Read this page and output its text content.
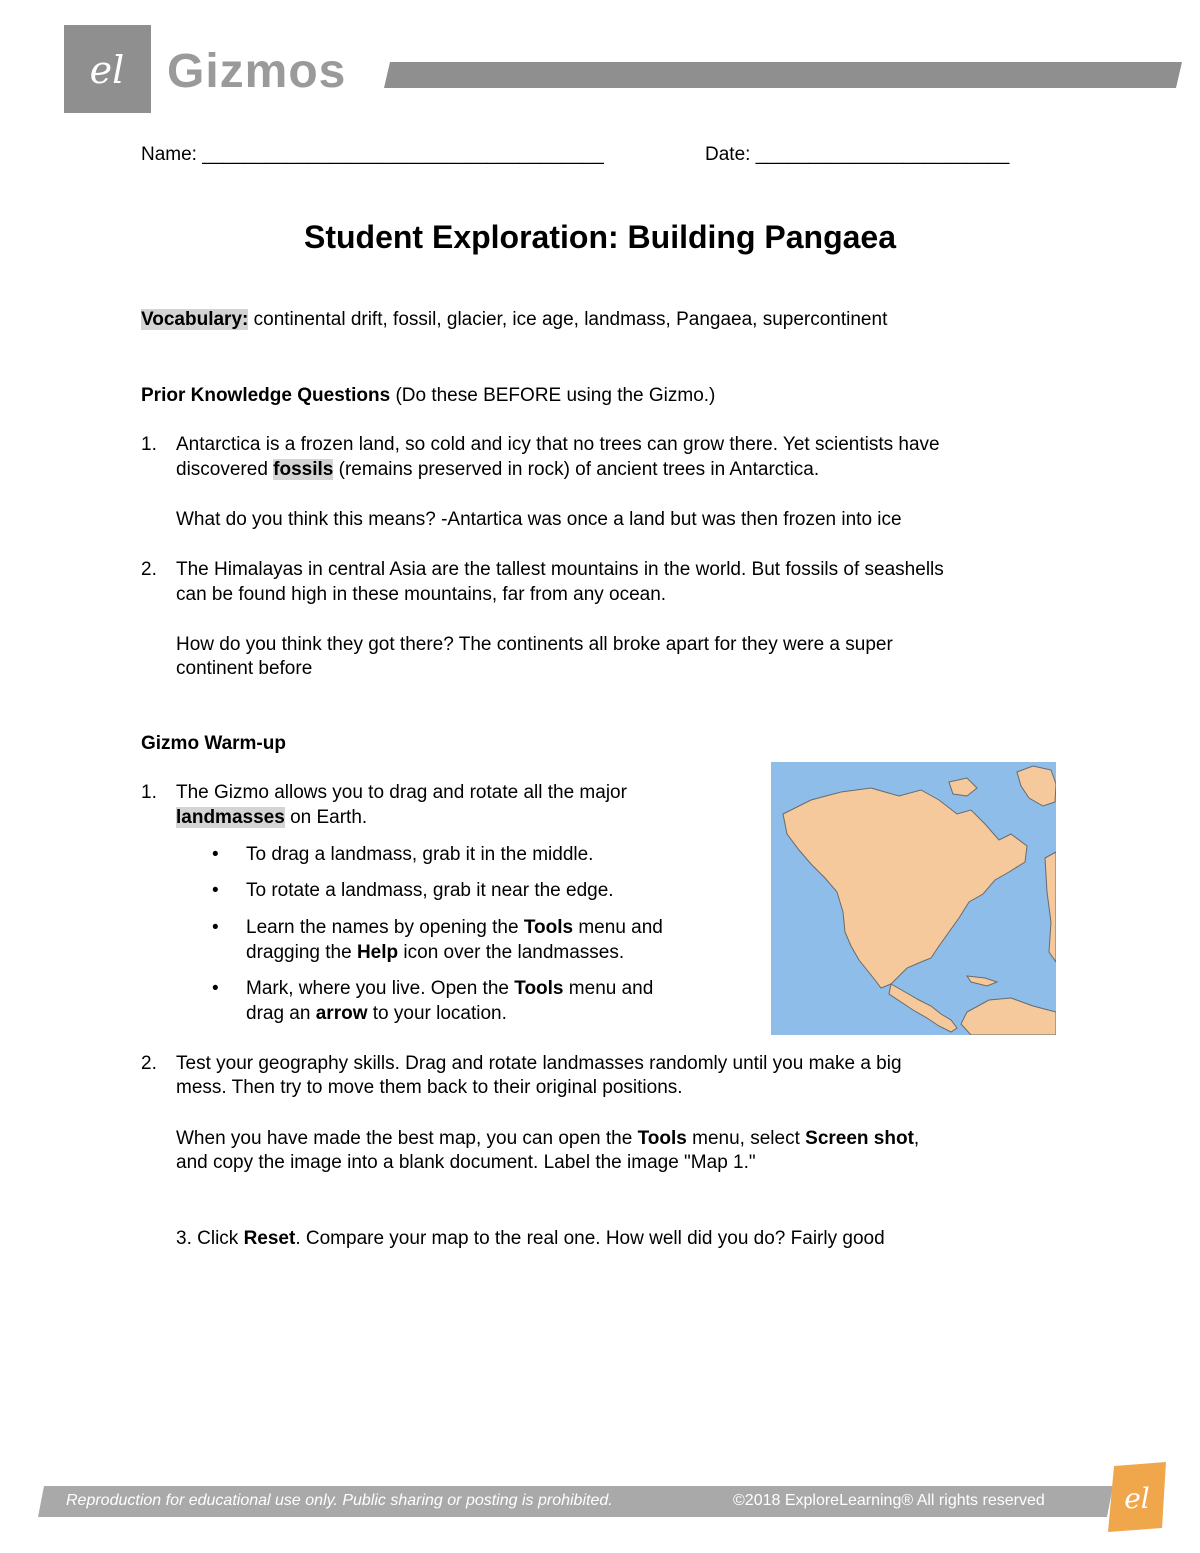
el Gizmos
Name: ______________________________________	Date: ________________________
Student Exploration: Building Pangaea
Vocabulary: continental drift, fossil, glacier, ice age, landmass, Pangaea, supercontinent
Prior Knowledge Questions (Do these BEFORE using the Gizmo.)
1. Antarctica is a frozen land, so cold and icy that no trees can grow there. Yet scientists have
discovered fossils (remains preserved in rock) of ancient trees in Antarctica.
What do you think this means? -Antartica was once a land but was then frozen into ice
2. The Himalayas in central Asia are the tallest mountains in the world. But fossils of seashells
can be found high in these mountains, far from any ocean.
How do you think they got there? The continents all broke apart for they were a super
continent before
Gizmo Warm-up
1. The Gizmo allows you to drag and rotate all the major
landmasses on Earth.
• To drag a landmass, grab it in the middle.
• To rotate a landmass, grab it near the edge.
• Learn the names by opening the Tools menu and
dragging the Help icon over the landmasses.
• Mark, where you live. Open the Tools menu and
drag an arrow to your location.
2. Test your geography skills. Drag and rotate landmasses randomly until you make a big
mess. Then try to move them back to their original positions.
When you have made the best map, you can open the Tools menu, select Screen shot,
and copy the image into a blank document. Label the image "Map 1."
3. Click Reset. Compare your map to the real one. How well did you do? Fairly good
Reproduction for educational use only. Public sharing or posting is prohibited.	©2018 ExploreLearning® All rights reserved	el
